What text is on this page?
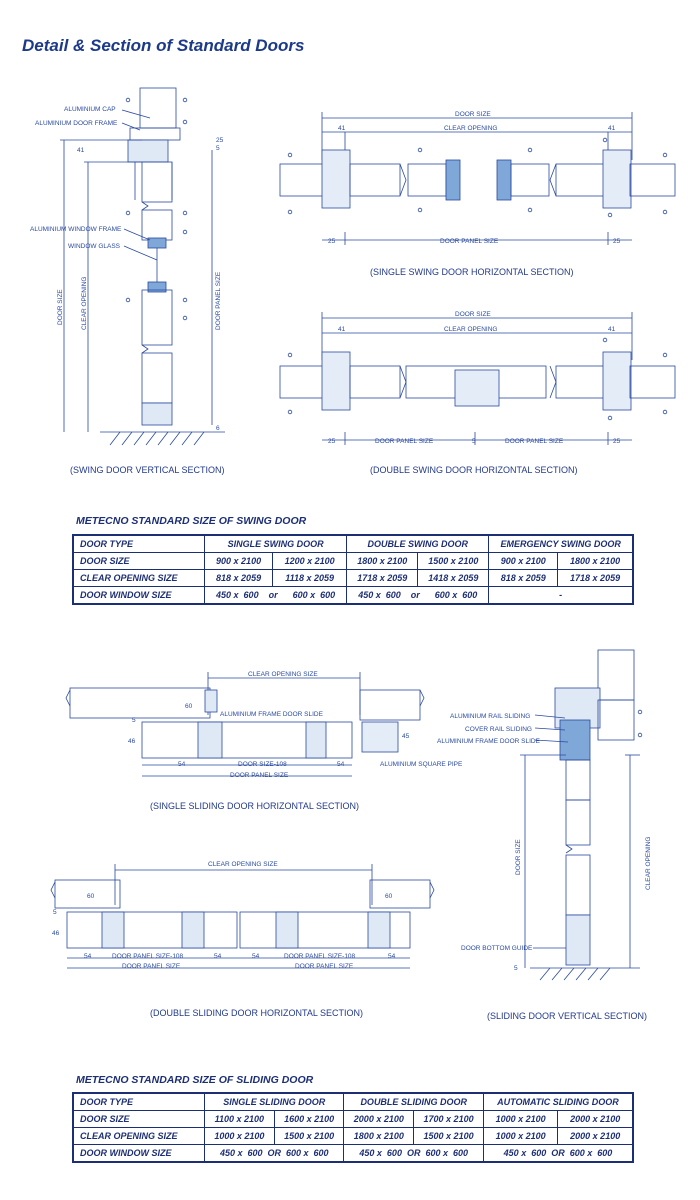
Detail & Section of Standard Doors
ALUMINIUM CAP
ALUMINIUM DOOR FRAME
ALUMINIUM WINDOW FRAME
WINDOW GLASS
41
25
5
6
DOOR SIZE	CLEAR OPENING	DOOR PANEL SIZE
DOOR SIZE
CLEAR OPENING
41	41
25	25
DOOR PANEL SIZE
DOOR SIZE
CLEAR OPENING
41	41
25	25
5
DOOR PANEL SIZE	DOOR PANEL SIZE
CLEAR OPENING SIZE
60
ALUMINIUM FRAME DOOR SLIDE
5
46
45
ALUMINIUM SQUARE PIPE
54	54
DOOR SIZE-108
DOOR PANEL SIZE
CLEAR OPENING SIZE
60	60
5
46
54	54	54	54
DOOR PANEL SIZE-108	DOOR PANEL SIZE-108
DOOR PANEL SIZE	DOOR PANEL SIZE
ALUMINIUM RAIL SLIDING
COVER RAIL SLIDING
ALUMINIUM FRAME DOOR SLIDE
DOOR BOTTOM GUIDE
5
DOOR SIZE	CLEAR OPENING
(SWING DOOR VERTICAL SECTION)
(SINGLE SWING DOOR HORIZONTAL SECTION)
(DOUBLE SWING DOOR HORIZONTAL SECTION)
(SINGLE SLIDING DOOR HORIZONTAL SECTION)
(DOUBLE SLIDING DOOR HORIZONTAL SECTION)	(SLIDING DOOR VERTICAL SECTION)
METECNO STANDARD SIZE OF SWING DOOR
DOOR TYPE	SINGLE SWING DOOR		DOUBLE SWING DOOR		EMERGENCY SWING DOOR	
DOOR SIZE	900 x 2100	1200 x 2100	1800 x 2100	1500 x 2100	900 x 2100	1800 x 2100
CLEAR OPENING SIZE	818 x 2059	1118 x 2059	1718 x 2059	1418 x 2059	818 x 2059	1718 x 2059
DOOR WINDOW SIZE	450 x  600    or      600 x  600		450 x  600    or      600 x  600		-	
METECNO STANDARD SIZE OF SLIDING DOOR
DOOR TYPE	SINGLE SLIDING DOOR		DOUBLE SLIDING DOOR		AUTOMATIC SLIDING DOOR	
DOOR SIZE	1100 x 2100	1600 x 2100	2000 x 2100	1700 x 2100	1000 x 2100	2000 x 2100
CLEAR OPENING SIZE	1000 x 2100	1500 x 2100	1800 x 2100	1500 x 2100	1000 x 2100	2000 x 2100
DOOR WINDOW SIZE	450 x  600  OR  600 x  600		450 x  600  OR  600 x  600		450 x  600  OR  600 x  600	
